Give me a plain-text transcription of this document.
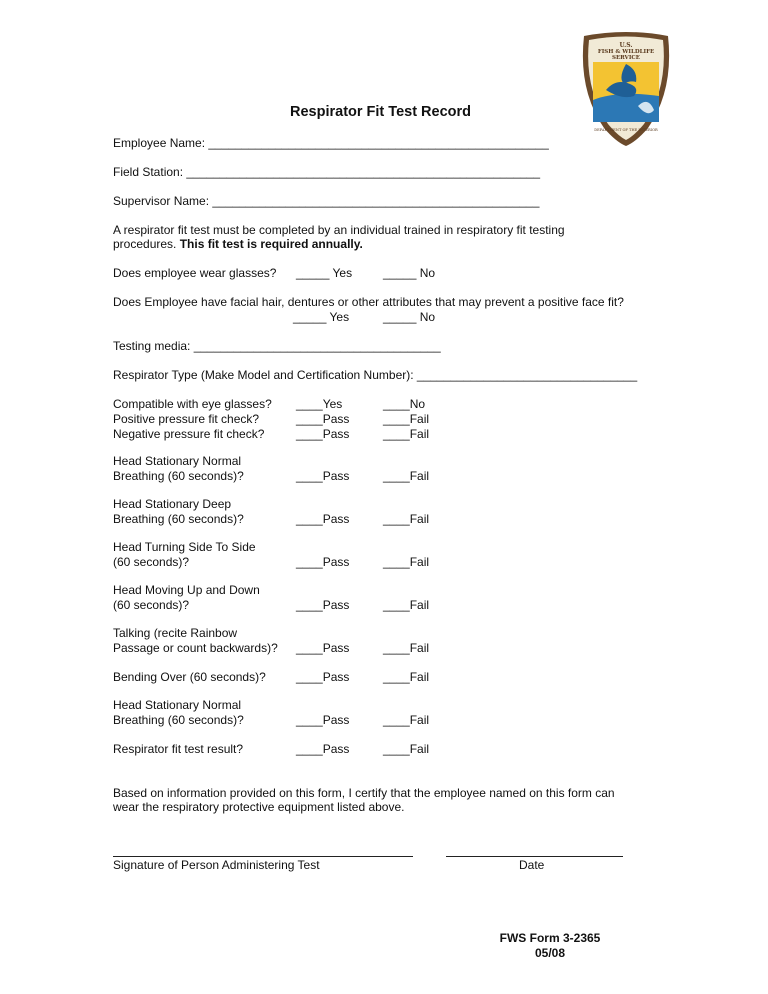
U.S.
FISH & WILDLIFE
SERVICE
DEPARTMENT OF THE INTERIOR
Respirator Fit Test Record
Employee Name: ___________________________________________________
Field Station: _____________________________________________________
Supervisor Name: _________________________________________________
A respirator fit test must be completed by an individual trained in respiratory fit testing
procedures. This fit test is required annually.
Does employee wear glasses? _____ Yes	_____ No
Does Employee have facial hair, dentures or other attributes that may prevent a positive face fit?
_____ Yes	_____ No
Testing media: _____________________________________
Respirator Type (Make Model and Certification Number): _________________________________
Compatible with eye glasses? ____Yes	____No
Positive pressure fit check?	____Pass	____Fail
Negative pressure fit check?	____Pass	____Fail
Head Stationary Normal
Breathing (60 seconds)?	____Pass	____Fail
Head Stationary Deep
Breathing (60 seconds)?	____Pass	____Fail
Head Turning Side To Side
(60 seconds)?	____Pass	____Fail
Head Moving Up and Down
(60 seconds)?	____Pass	____Fail
Talking (recite Rainbow
Passage or count backwards)? ____Pass	____Fail
Bending Over (60 seconds)?	____Pass	____Fail
Head Stationary Normal
Breathing (60 seconds)?	____Pass	____Fail
Respirator fit test result?	____Pass	____Fail
Based on information provided on this form, I certify that the employee named on this form can
wear the respiratory protective equipment listed above.
Signature of Person Administering Test	Date
FWS Form 3-2365
05/08
